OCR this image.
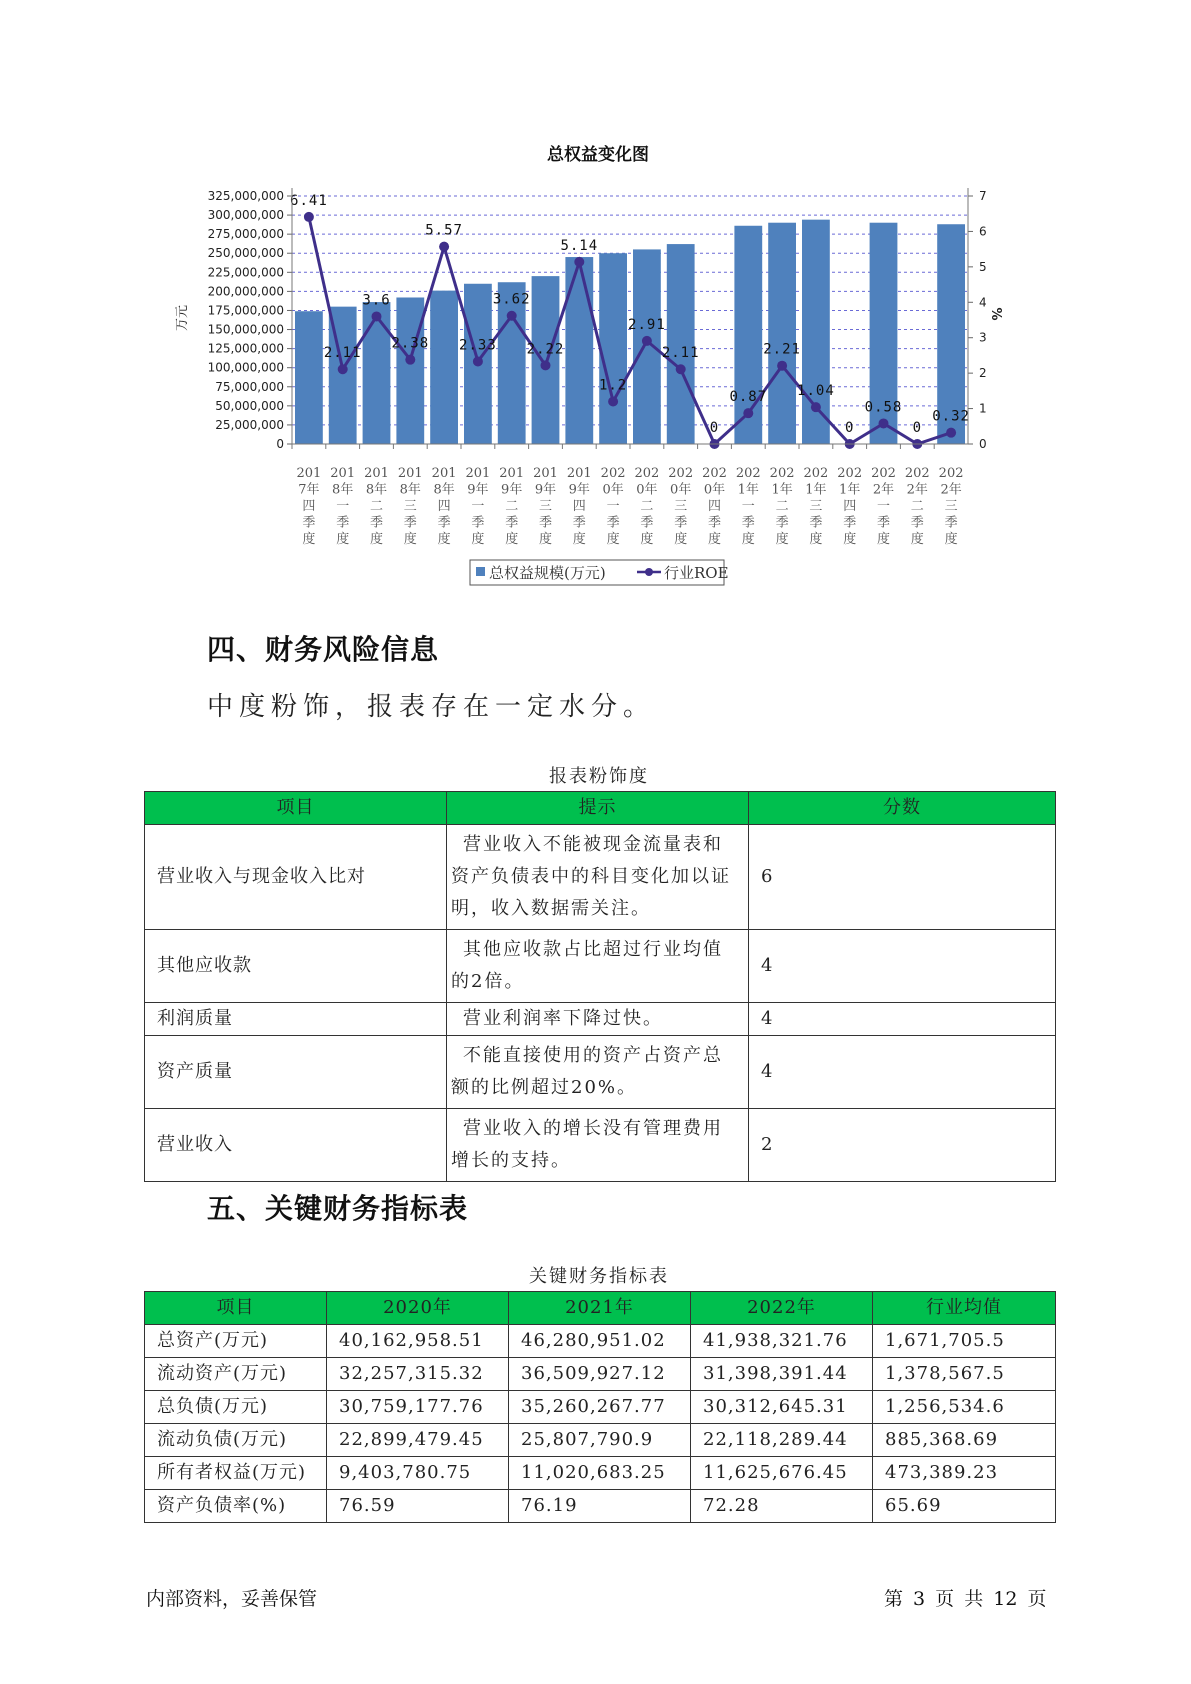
总权益变化图
6.41
2.11
3.6
2.38
5.57
2.33
3.62
2.22
5.14
1.2
2.91
2.11
0
0.87
2.21
1.04
0
0.58
0
0.32
325,000,000
300,000,000
275,000,000
250,000,000
225,000,000
200,000,000
175,000,000
150,000,000
125,000,000
100,000,000
75,000,000
50,000,000
25,000,000
0
7
6
5
4
3
2
1
0
201
7年
四
季
度
201
8年
一
季
度
201
8年
二
季
度
201
8年
三
季
度
201
8年
四
季
度
201
9年
一
季
度
201
9年
二
季
度
201
9年
三
季
度
201
9年
四
季
度
202
0年
一
季
度
202
0年
二
季
度
202
0年
三
季
度
202
0年
四
季
度
202
1年
一
季
度
202
1年
二
季
度
202
1年
三
季
度
202
1年
四
季
度
202
2年
一
季
度
202
2年
二
季
度
202
2年
三
季
度
万元	%
总权益规模(万元)	行业ROE
四、财务风险信息
中度粉饰，报表存在一定水分。
报表粉饰度
项目	提示	分数
营业收入与现金收入比对	营业收入不能被现金流量表和资产负债表中的科目变化加以证明，收入数据需关注。	6
其他应收款	其他应收款占比超过行业均值的2倍。	4
利润质量	营业利润率下降过快。	4
资产质量	不能直接使用的资产占资产总额的比例超过20%。	4
营业收入	营业收入的增长没有管理费用增长的支持。	2
五、关键财务指标表
关键财务指标表
项目	2020年	2021年	2022年	行业均值
总资产(万元)	40,162,958.51	46,280,951.02	41,938,321.76	1,671,705.5
流动资产(万元)	32,257,315.32	36,509,927.12	31,398,391.44	1,378,567.5
总负债(万元)	30,759,177.76	35,260,267.77	30,312,645.31	1,256,534.6
流动负债(万元)	22,899,479.45	25,807,790.9	22,118,289.44	885,368.69
所有者权益(万元)	9,403,780.75	11,020,683.25	11,625,676.45	473,389.23
资产负债率(%)	76.59	76.19	72.28	65.69
内部资料，妥善保管	第 3 页 共 12 页
